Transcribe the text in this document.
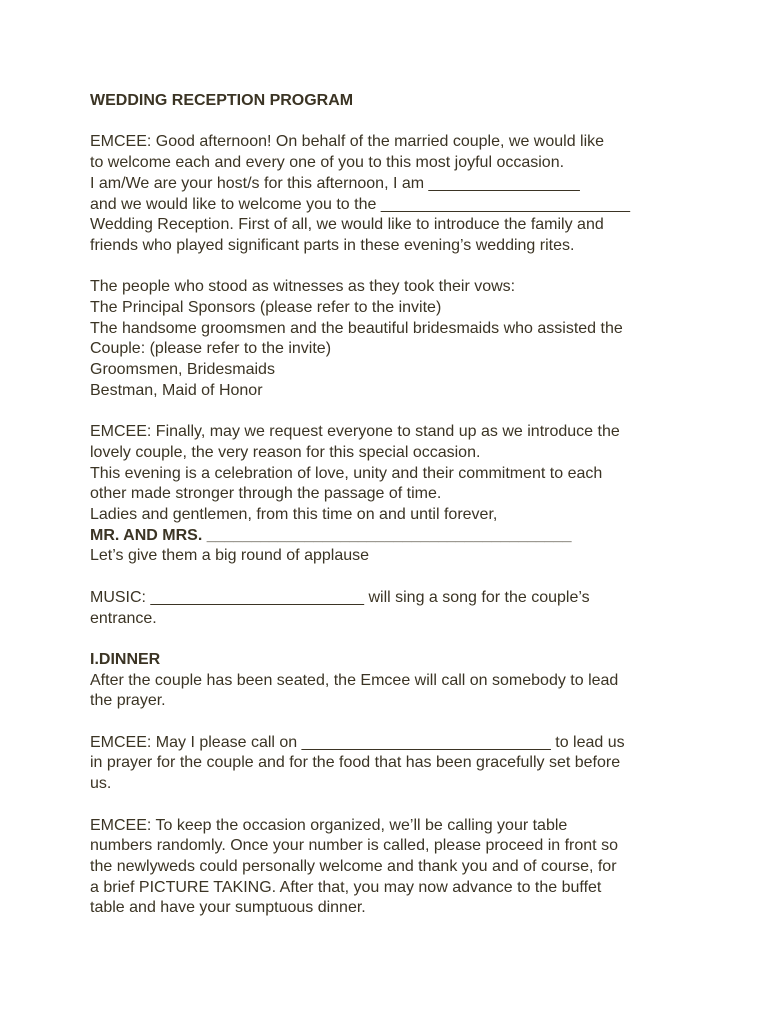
WEDDING RECEPTION PROGRAM

EMCEE: Good afternoon! On behalf of the married couple, we would like

to welcome each and every one of you to this most joyful occasion.

I am/We are your host/s for this afternoon, I am _________________

and we would like to welcome you to the ____________________________

Wedding Reception. First of all, we would like to introduce the family and

friends who played significant parts in these evening’s wedding rites.

The people who stood as witnesses as they took their vows:

The Principal Sponsors (please refer to the invite)

The handsome groomsmen and the beautiful bridesmaids who assisted the

Couple: (please refer to the invite)

Groomsmen, Bridesmaids

Bestman, Maid of Honor

EMCEE: Finally, may we request everyone to stand up as we introduce the

lovely couple, the very reason for this special occasion.

This evening is a celebration of love, unity and their commitment to each

other made stronger through the passage of time.

Ladies and gentlemen, from this time on and until forever,

MR. AND MRS. _________________________________________

Let’s give them a big round of applause

MUSIC: ________________________ will sing a song for the couple’s

entrance.

I.DINNER

After the couple has been seated, the Emcee will call on somebody to lead

the prayer.

EMCEE: May I please call on ____________________________ to lead us

in prayer for the couple and for the food that has been gracefully set before

us.

EMCEE: To keep the occasion organized, we’ll be calling your table

numbers randomly. Once your number is called, please proceed in front so

the newlyweds could personally welcome and thank you and of course, for

a brief PICTURE TAKING. After that, you may now advance to the buffet

table and have your sumptuous dinner.
